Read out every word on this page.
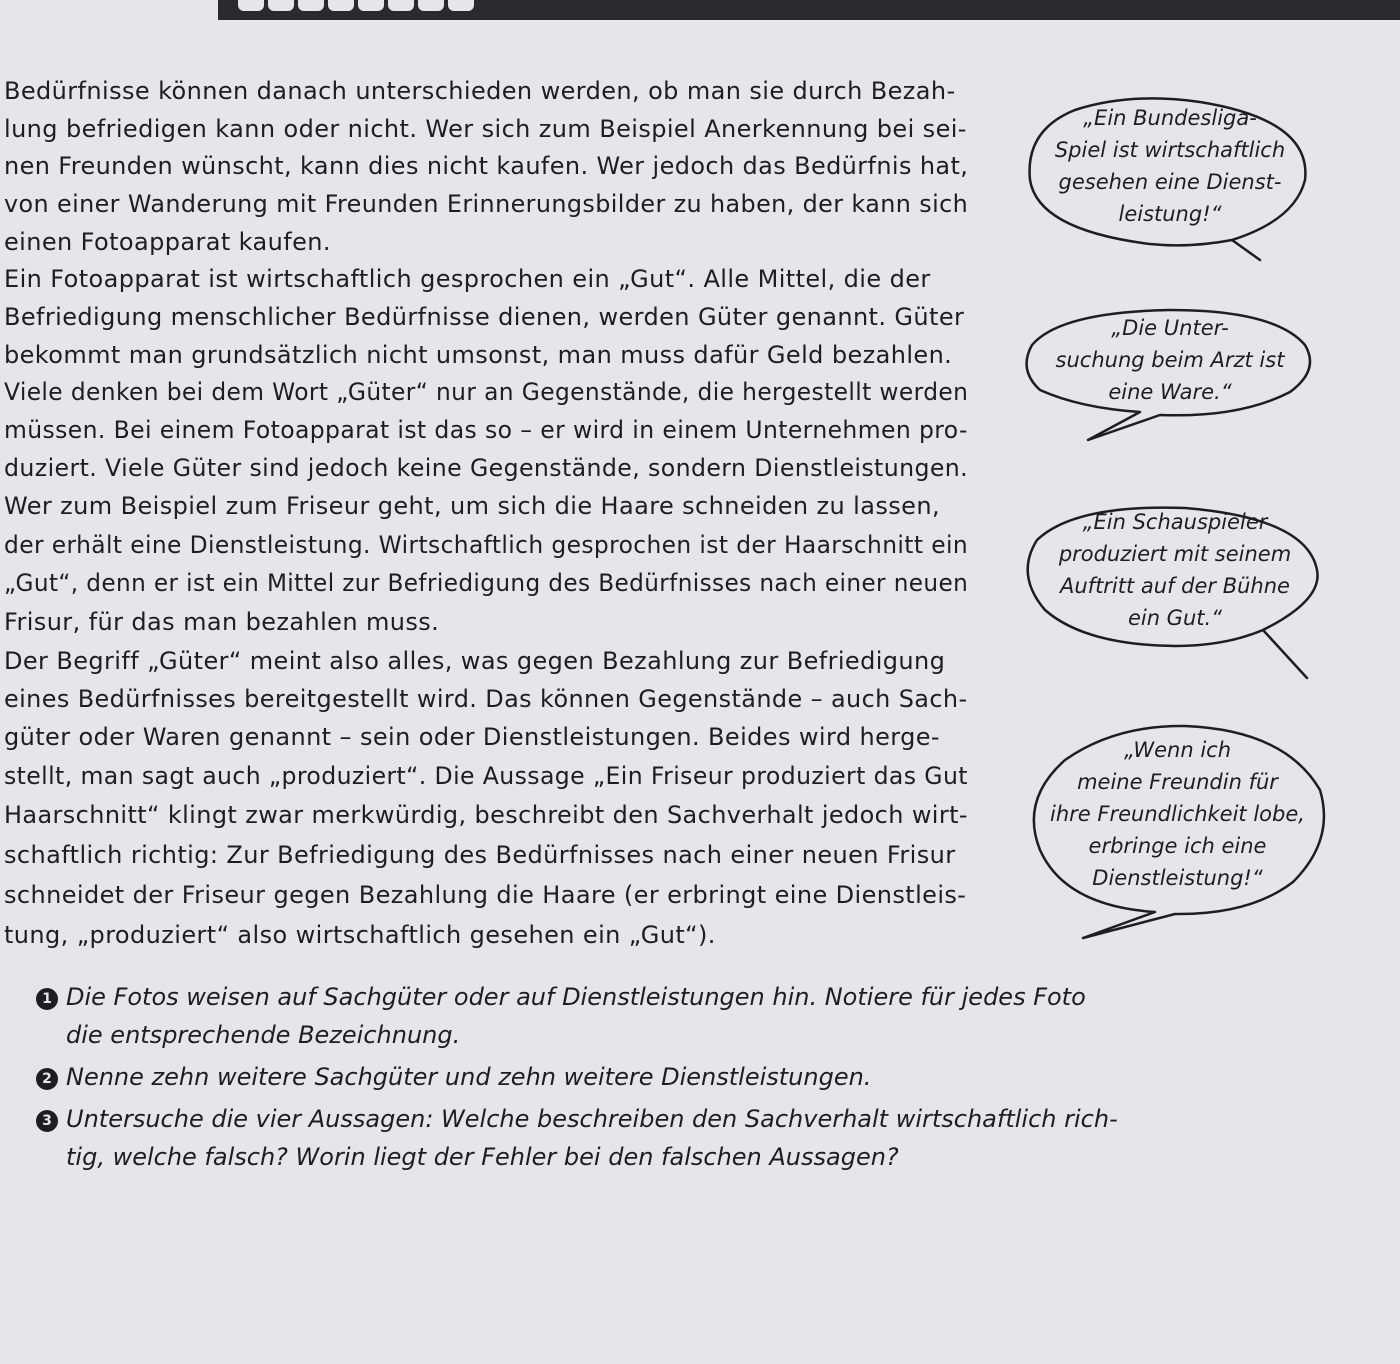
Bedürfnisse können danach unterschieden werden, ob man sie durch Bezah-
lung befriedigen kann oder nicht. Wer sich zum Beispiel Anerkennung bei sei-
nen Freunden wünscht, kann dies nicht kaufen. Wer jedoch das Bedürfnis hat,
von einer Wanderung mit Freunden Erinnerungsbilder zu haben, der kann sich
einen Fotoapparat kaufen.
Ein Fotoapparat ist wirtschaftlich gesprochen ein „Gut“. Alle Mittel, die der
Befriedigung menschlicher Bedürfnisse dienen, werden Güter genannt. Güter
bekommt man grundsätzlich nicht umsonst, man muss dafür Geld bezahlen.
Viele denken bei dem Wort „Güter“ nur an Gegenstände, die hergestellt werden
müssen. Bei einem Fotoapparat ist das so – er wird in einem Unternehmen pro-
duziert. Viele Güter sind jedoch keine Gegenstände, sondern Dienstleistungen.
Wer zum Beispiel zum Friseur geht, um sich die Haare schneiden zu lassen,
der erhält eine Dienstleistung. Wirtschaftlich gesprochen ist der Haarschnitt ein
„Gut“, denn er ist ein Mittel zur Befriedigung des Bedürfnisses nach einer neuen
Frisur, für das man bezahlen muss.
Der Begriff „Güter“ meint also alles, was gegen Bezahlung zur Befriedigung
eines Bedürfnisses bereitgestellt wird. Das können Gegenstände – auch Sach-
güter oder Waren genannt – sein oder Dienstleistungen. Beides wird herge-
stellt, man sagt auch „produziert“. Die Aussage „Ein Friseur produziert das Gut
Haarschnitt“ klingt zwar merkwürdig, beschreibt den Sachverhalt jedoch wirt-
schaftlich richtig: Zur Befriedigung des Bedürfnisses nach einer neuen Frisur
schneidet der Friseur gegen Bezahlung die Haare (er erbringt eine Dienstleis-
tung, „produziert“ also wirtschaftlich gesehen ein „Gut“).
„Ein Bundesliga-
Spiel ist wirtschaftlich
gesehen eine Dienst-
leistung!“
„Die Unter-
suchung beim Arzt ist
eine Ware.“
„Ein Schauspieler
produziert mit seinem
Auftritt auf der Bühne
ein Gut.“
„Wenn ich
meine Freundin für
ihre Freundlichkeit lobe,
erbringe ich eine
Dienstleistung!“
1 Die Fotos weisen auf Sachgüter oder auf Dienstleistungen hin. Notiere für jedes Foto
die entsprechende Bezeichnung.
2 Nenne zehn weitere Sachgüter und zehn weitere Dienstleistungen.
3 Untersuche die vier Aussagen: Welche beschreiben den Sachverhalt wirtschaftlich rich-
tig, welche falsch? Worin liegt der Fehler bei den falschen Aussagen?
